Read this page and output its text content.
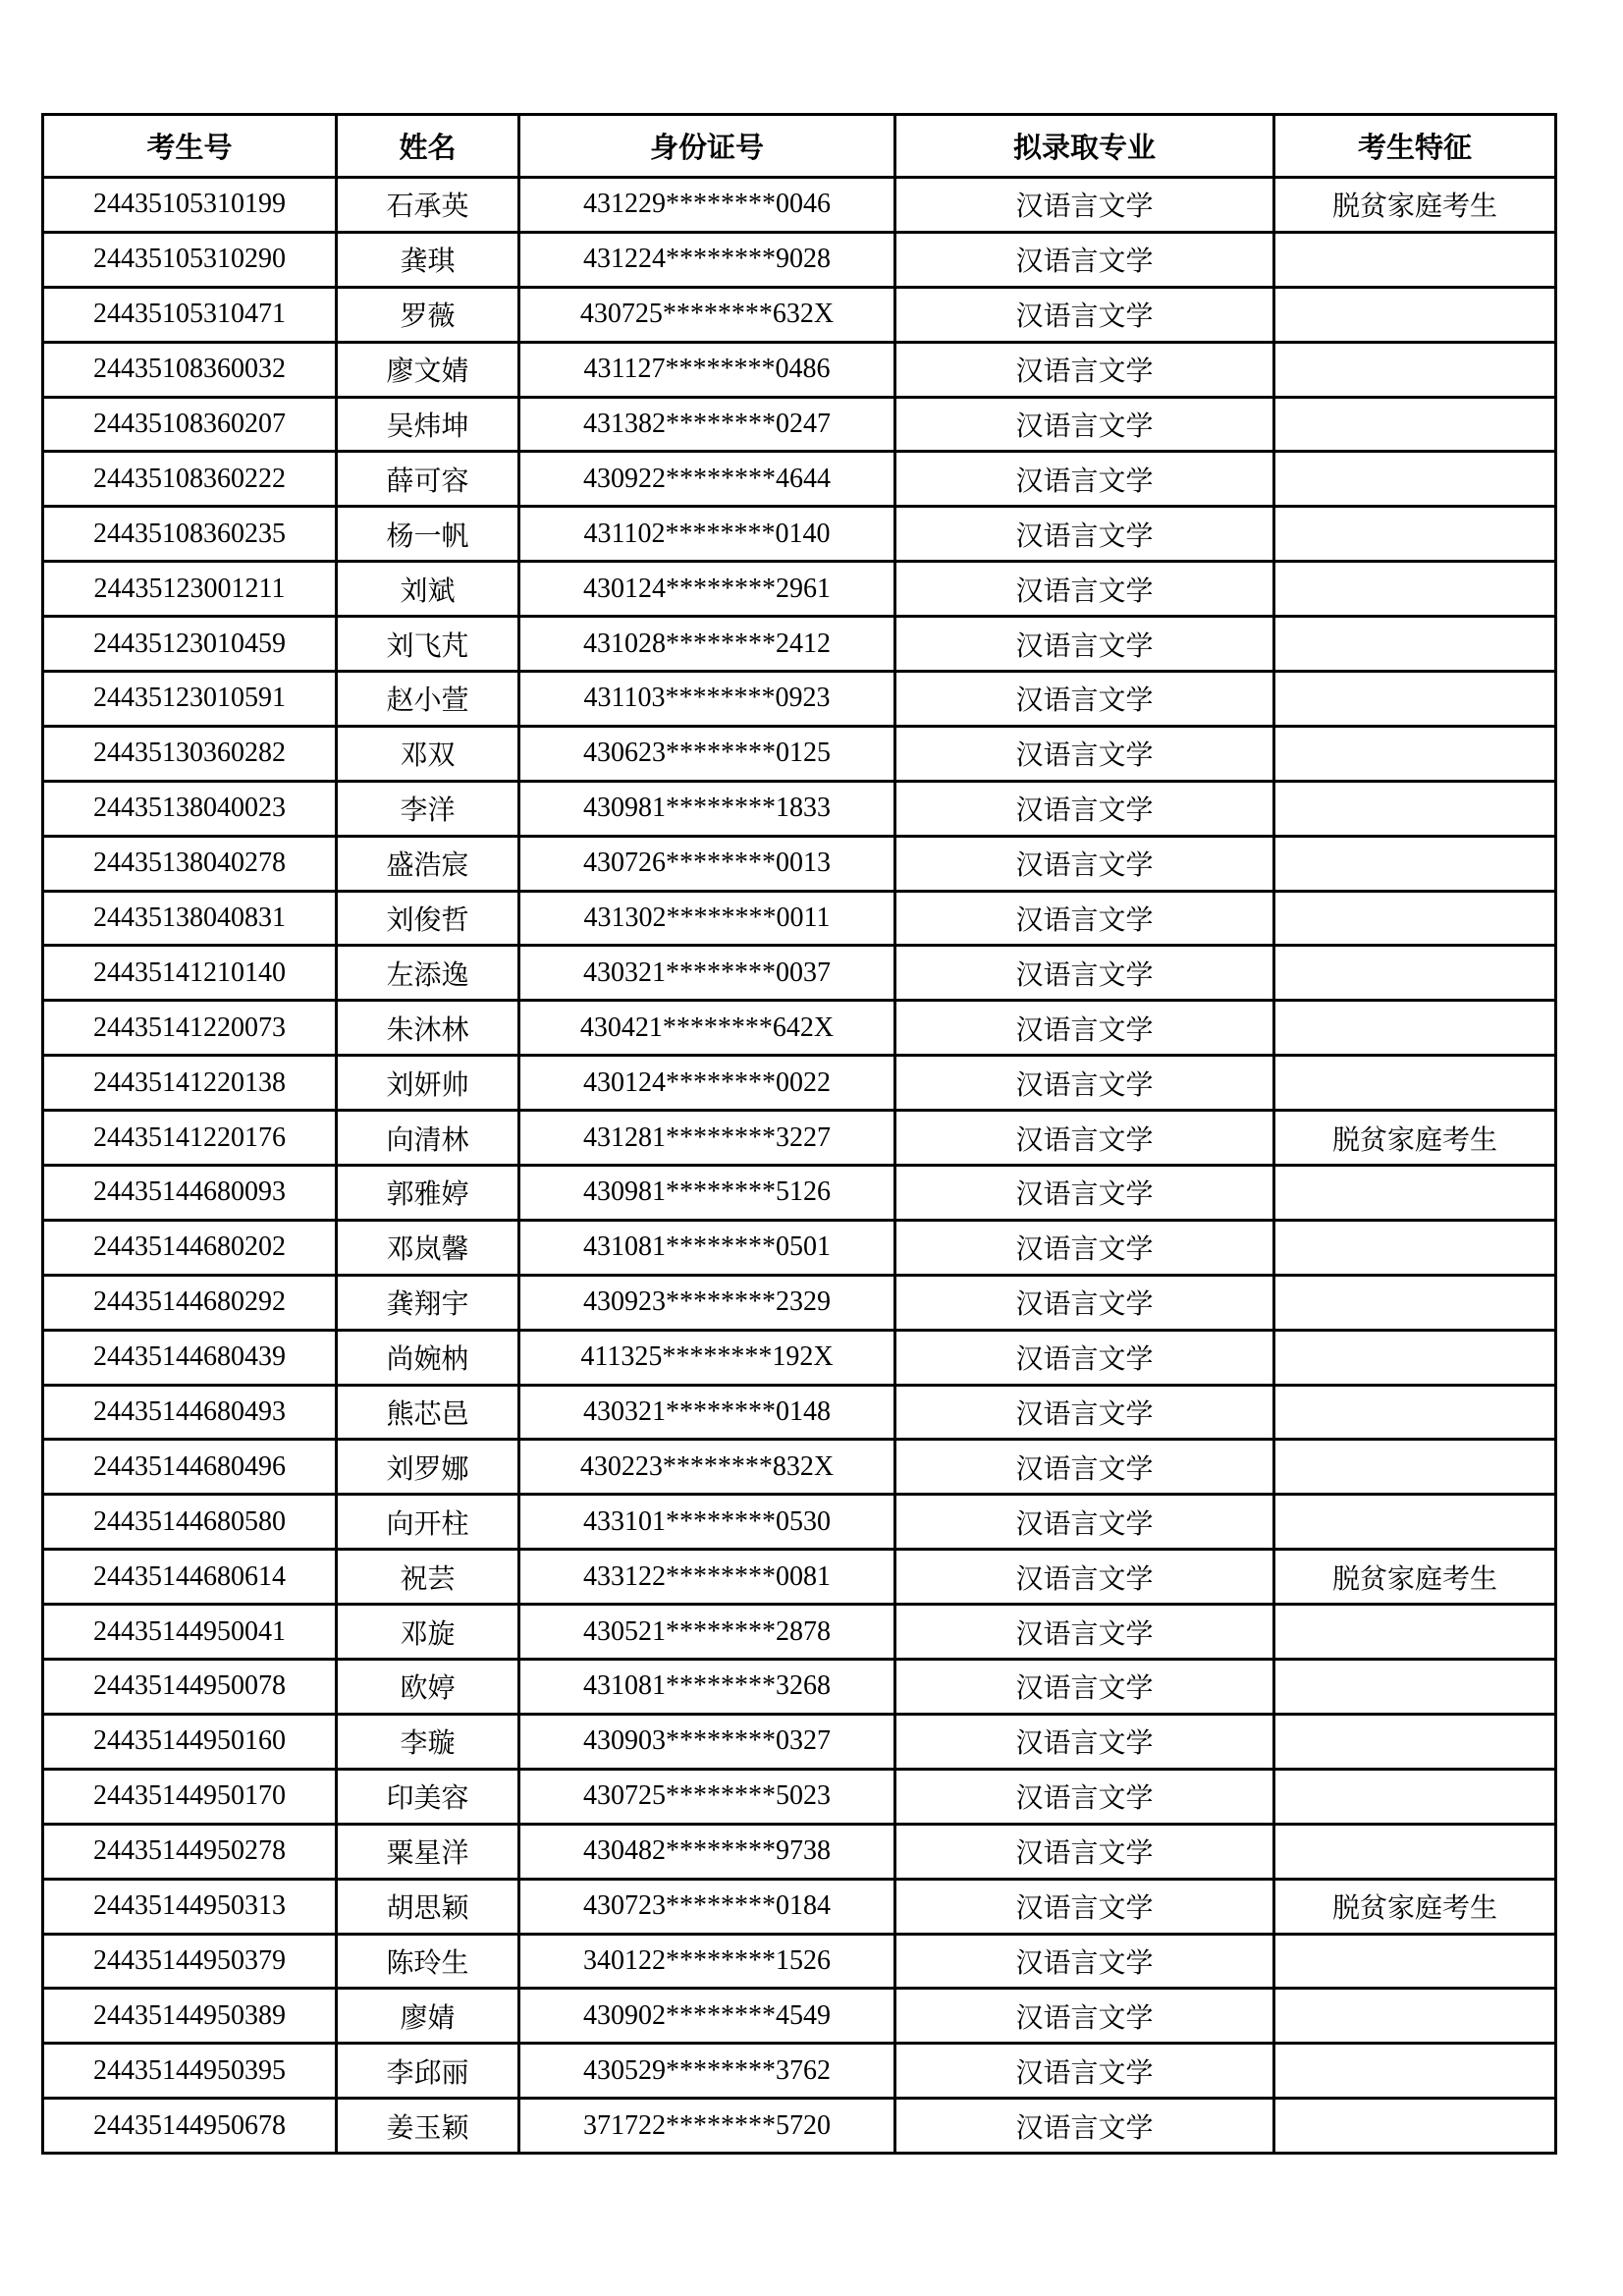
考生号	姓名	身份证号	拟录取专业	考生特征
24435105310199	石承英	431229********0046	汉语言文学	脱贫家庭考生
24435105310290	龚琪	431224********9028	汉语言文学	
24435105310471	罗薇	430725********632X	汉语言文学	
24435108360032	廖文婧	431127********0486	汉语言文学	
24435108360207	吴炜坤	431382********0247	汉语言文学	
24435108360222	薛可容	430922********4644	汉语言文学	
24435108360235	杨一帆	431102********0140	汉语言文学	
24435123001211	刘斌	430124********2961	汉语言文学	
24435123010459	刘飞芃	431028********2412	汉语言文学	
24435123010591	赵小萱	431103********0923	汉语言文学	
24435130360282	邓双	430623********0125	汉语言文学	
24435138040023	李洋	430981********1833	汉语言文学	
24435138040278	盛浩宸	430726********0013	汉语言文学	
24435138040831	刘俊哲	431302********0011	汉语言文学	
24435141210140	左添逸	430321********0037	汉语言文学	
24435141220073	朱沐林	430421********642X	汉语言文学	
24435141220138	刘妍帅	430124********0022	汉语言文学	
24435141220176	向清林	431281********3227	汉语言文学	脱贫家庭考生
24435144680093	郭雅婷	430981********5126	汉语言文学	
24435144680202	邓岚馨	431081********0501	汉语言文学	
24435144680292	龚翔宇	430923********2329	汉语言文学	
24435144680439	尚婉枘	411325********192X	汉语言文学	
24435144680493	熊芯邑	430321********0148	汉语言文学	
24435144680496	刘罗娜	430223********832X	汉语言文学	
24435144680580	向开柱	433101********0530	汉语言文学	
24435144680614	祝芸	433122********0081	汉语言文学	脱贫家庭考生
24435144950041	邓旋	430521********2878	汉语言文学	
24435144950078	欧婷	431081********3268	汉语言文学	
24435144950160	李璇	430903********0327	汉语言文学	
24435144950170	印美容	430725********5023	汉语言文学	
24435144950278	粟星洋	430482********9738	汉语言文学	
24435144950313	胡思颖	430723********0184	汉语言文学	脱贫家庭考生
24435144950379	陈玲生	340122********1526	汉语言文学	
24435144950389	廖婧	430902********4549	汉语言文学	
24435144950395	李邱丽	430529********3762	汉语言文学	
24435144950678	姜玉颖	371722********5720	汉语言文学	
